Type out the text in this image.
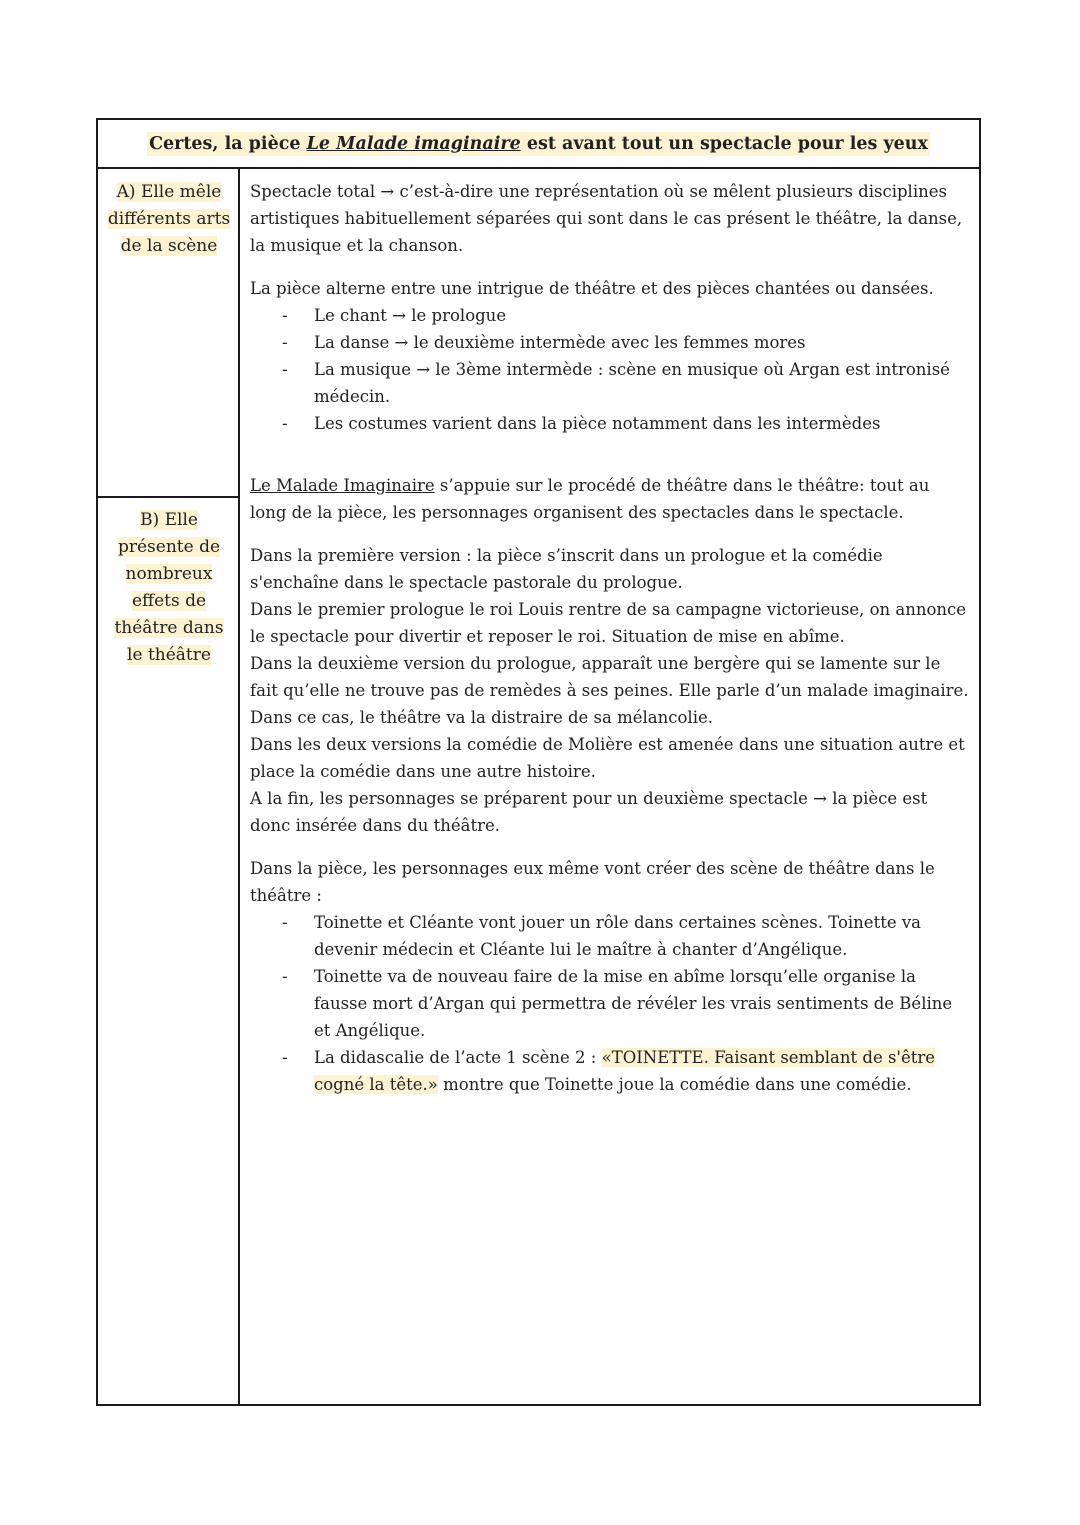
Certes, la pièce Le Malade imaginaire est avant tout un spectacle pour les yeux
A) Elle mêle
différents arts
de la scène
B) Elle
présente de
nombreux
effets de
théâtre dans
le théâtre

Spectacle total → c’est-à-dire une représentation où se mêlent plusieurs disciplines artistiques habituellement séparées qui sont dans le cas présent le théâtre, la danse, la musique et la chanson.

La pièce alterne entre une intrigue de théâtre et des pièces chantées ou dansées.

- Le chant → le prologue
- La danse → le deuxième intermède avec les femmes mores
- La musique → le 3ème intermède : scène en musique où Argan est intronisé médecin.
- Les costumes varient dans la pièce notamment dans les intermèdes

Le Malade Imaginaire s’appuie sur le procédé de théâtre dans le théâtre: tout au long de la pièce, les personnages organisent des spectacles dans le spectacle.

Dans la première version : la pièce s’inscrit dans un prologue et la comédie s'enchaîne dans le spectacle pastorale du prologue.

Dans le premier prologue le roi Louis rentre de sa campagne victorieuse, on annonce le spectacle pour divertir et reposer le roi. Situation de mise en abîme.

Dans la deuxième version du prologue, apparaît une bergère qui se lamente sur le fait qu’elle ne trouve pas de remèdes à ses peines. Elle parle d’un malade imaginaire. Dans ce cas, le théâtre va la distraire de sa mélancolie.

Dans les deux versions la comédie de Molière est amenée dans une situation autre et place la comédie dans une autre histoire.

A la fin, les personnages se préparent pour un deuxième spectacle → la pièce est donc insérée dans du théâtre.

Dans la pièce, les personnages eux même vont créer des scène de théâtre dans le théâtre :

- Toinette et Cléante vont jouer un rôle dans certaines scènes. Toinette va devenir médecin et Cléante lui le maître à chanter d’Angélique.
- Toinette va de nouveau faire de la mise en abîme lorsqu’elle organise la fausse mort d’Argan qui permettra de révéler les vrais sentiments de Béline et Angélique.
- La didascalie de l’acte 1 scène 2 : «TOINETTE. Faisant semblant de s'être cogné la tête.» montre que Toinette joue la comédie dans une comédie.
